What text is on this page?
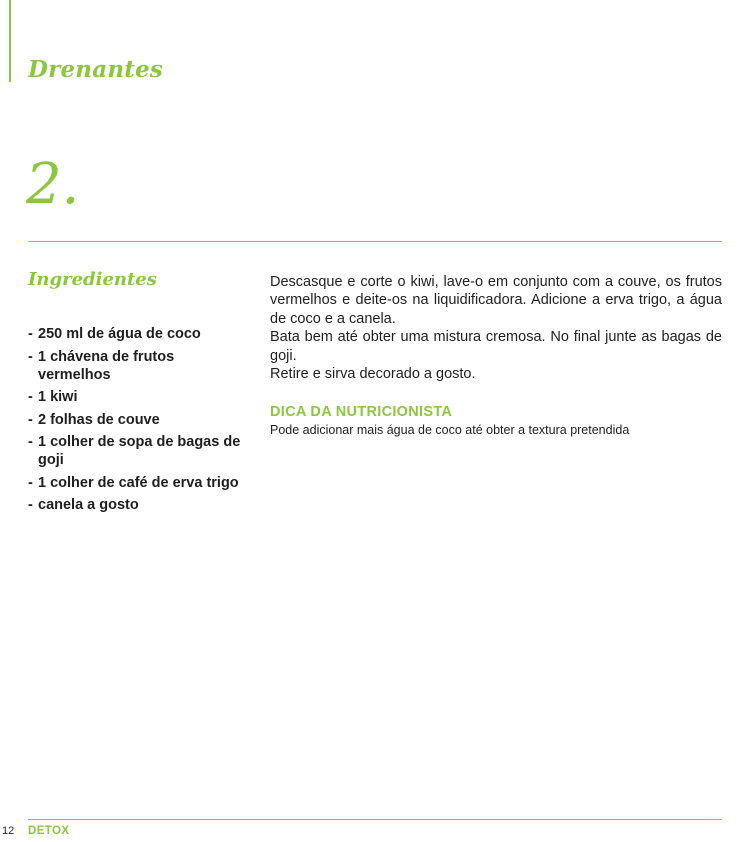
Drenantes
2.
Ingredientes
- 250 ml de água de coco
- 1 chávena de frutos vermelhos
- 1 kiwi
- 2 folhas de couve
- 1 colher de sopa de bagas de goji
- 1 colher de café de erva trigo
- canela a gosto

Descasque e corte o kiwi, lave-o em conjunto com a couve, os frutos vermelhos e deite-os na liquidificadora. Adicione a erva trigo, a água de coco e a canela.

Bata bem até obter uma mistura cremosa. No final junte as bagas de goji.

Retire e sirva decorado a gosto.

DICA DA NUTRICIONISTA

Pode adicionar mais água de coco até obter a textura pretendida

12 DETOX
